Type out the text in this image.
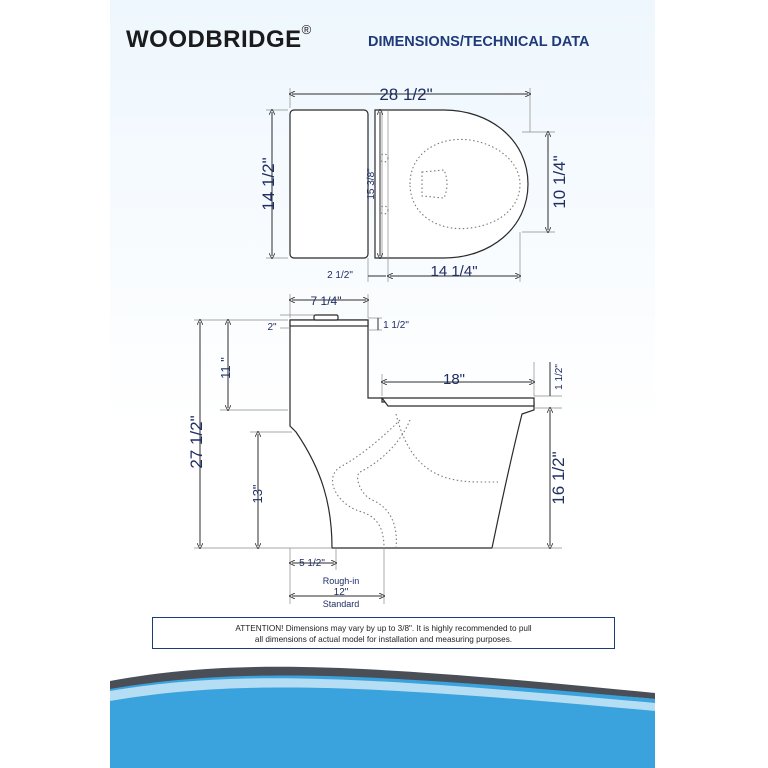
WOODBRIDGE®
DIMENSIONS/TECHNICAL DATA
28 1/2"
14 1/2"	15 3/8"	10 1/4"
2 1/2"	14 1/4"
7 1/4"
2"	1 1/2"
11 "
27 1/2"
18"	1 1/2"
16 1/2"
13"
5 1/2"
Rough-in
12"
Standard
ATTENTION! Dimensions may vary by up to 3/8". It is highly recommended to pull
all dimensions of actual model for installation and measuring purposes.
